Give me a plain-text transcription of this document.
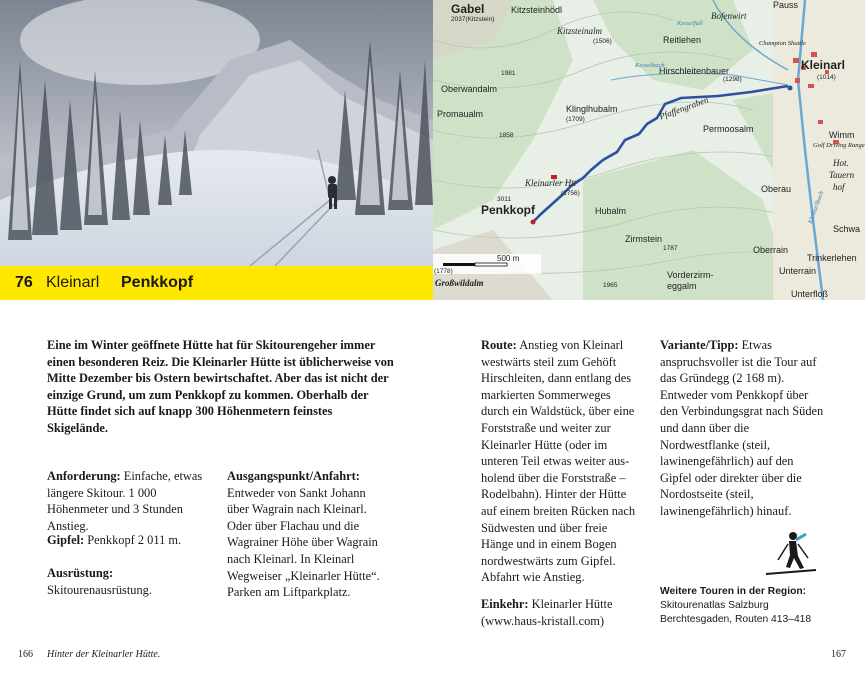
Gabel
2037(Kitzstein)
Kitzsteinhödl	Pauss
Bofenwirt
Kitzsteinalm
(1506)
Kesselfall
Reitlehen	Champion Shuttle
Kesselbach
Hirschleitenbauer
(1298)
Kleinarl
(1014)
1981
Oberwandalm
Promaualm	Klinglhubalm
(1709)	Pfaffengraben
Permoosalm
Wimm
Golf Driving Range
Hot.
Tauern
hof
1858
3011
Kleinarler Htt
(1756)
Penkkopf
Oberau
Hubalm	Kleinarlbach
Schwa
Zirmstein
1787	Oberrain
Trinkerlehen
Unterrain
(1778)
Großwildalm	1965
Vorderzirm-
eggalm
Unterfloß
500 m
76 Kleinarl Penkkopf
Eine im Winter geöffnete Hütte hat für Skitourengeher immer einen besonderen Reiz. Die Kleinarler Hütte ist üblicherweise von Mitte Dezember bis Ostern bewirtschaftet. Aber das ist nicht der einzige Grund, um zum Penkkopf zu kommen. Oberhalb der Hütte findet sich auf knapp 300 Höhenmetern feinstes Skigelände.
Anforderung: Einfache, etwas längere Skitour. 1 000 Höhenmeter und 3 Stunden Anstieg.
Gipfel: Penkkopf 2 011 m.
Ausrüstung:
Skitourenausrüstung.
Ausgangspunkt/Anfahrt: Entweder von Sankt Johann über Wagrain nach Kleinarl. Oder über Flachau und die Wagrainer Höhe über Wagrain nach Kleinarl. In Kleinarl Wegweiser „Kleinarler Hütte“. Parken am Liftparkplatz.
Route: Anstieg von Kleinarl westwärts steil zum Gehöft Hirschleiten, dann entlang des markierten Sommerweges durch ein Waldstück, über eine Forststraße und weiter zur Kleinarler Hütte (oder im unteren Teil etwas weiter aus-holend über die Forststraße – Rodelbahn). Hinter der Hütte auf einem breiten Rücken nach Südwesten und über freie Hänge und in einem Bogen nordwestwärts zum Gipfel. Abfahrt wie Anstieg.
Einkehr: Kleinarler Hütte (www.haus-kristall.com)
Variante/Tipp: Etwas anspruchsvoller ist die Tour auf das Gründegg (2 168 m). Entweder vom Penkkopf über den Verbindungsgrat nach Süden und dann über die Nordwestflanke (steil, lawinengefährlich) auf den Gipfel oder direkter über die Nordostseite (steil, lawinengefährlich) hinauf.
Weitere Touren in der Region:
Skitourenatlas Salzburg
Berchtesgaden, Routen 413–418
166 Hinter der Kleinarler Hütte.	167
